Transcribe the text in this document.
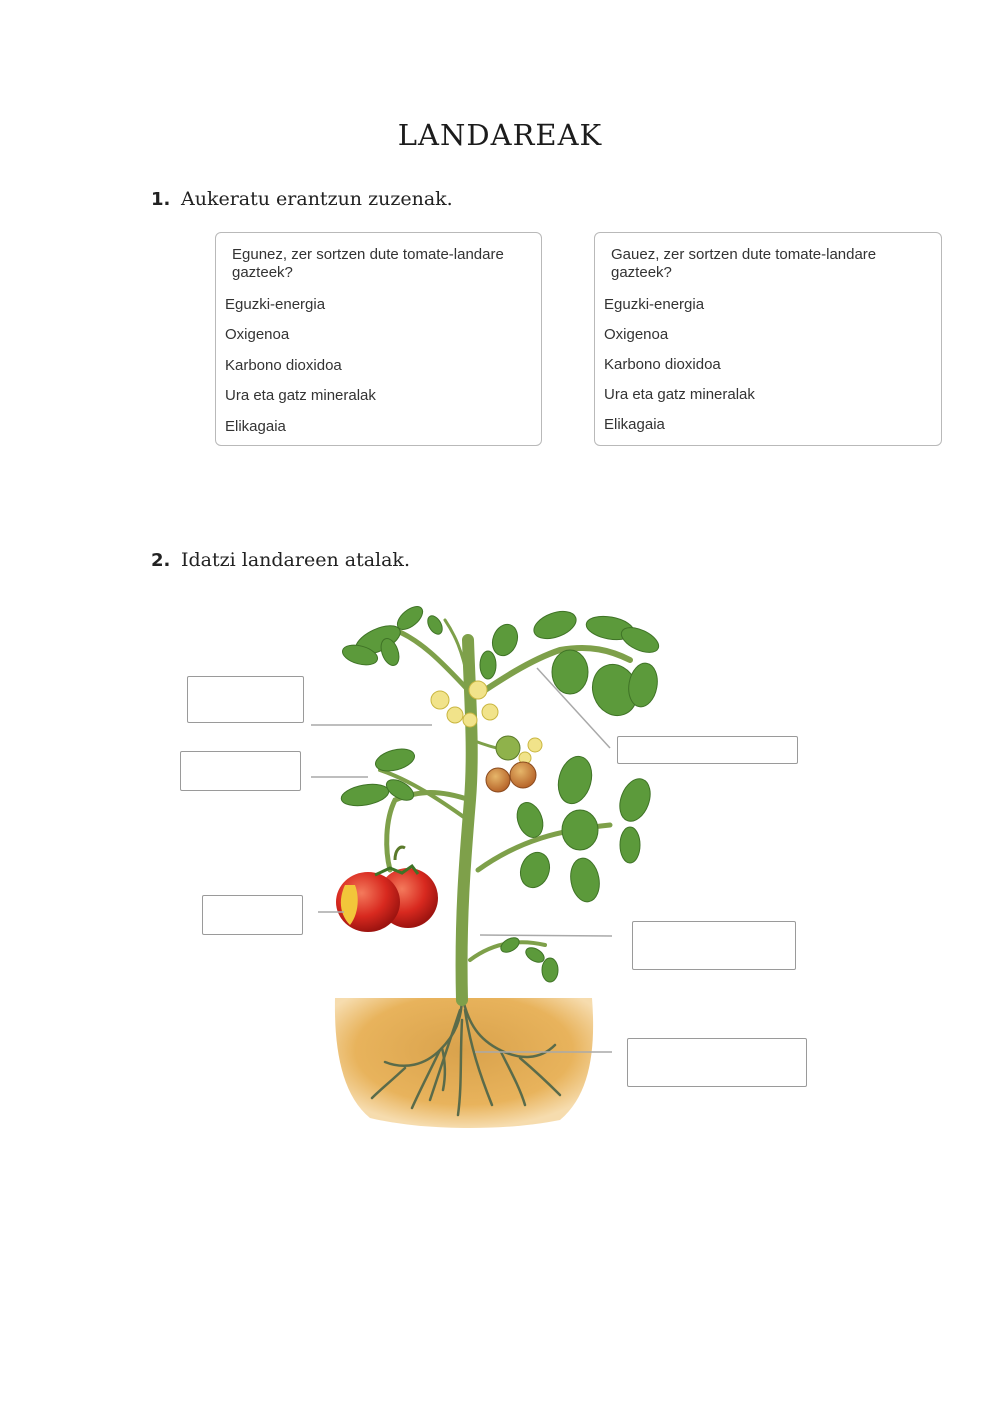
LANDAREAK
1. Aukeratu erantzun zuzenak.
Egunez, zer sortzen dute tomate-landare gazteek?
Eguzki-energia
Oxigenoa
Karbono dioxidoa
Ura eta gatz mineralak
Elikagaia
Gauez, zer sortzen dute tomate-landare gazteek?
Eguzki-energia
Oxigenoa
Karbono dioxidoa
Ura eta gatz mineralak
Elikagaia
2. Idatzi landareen atalak.
